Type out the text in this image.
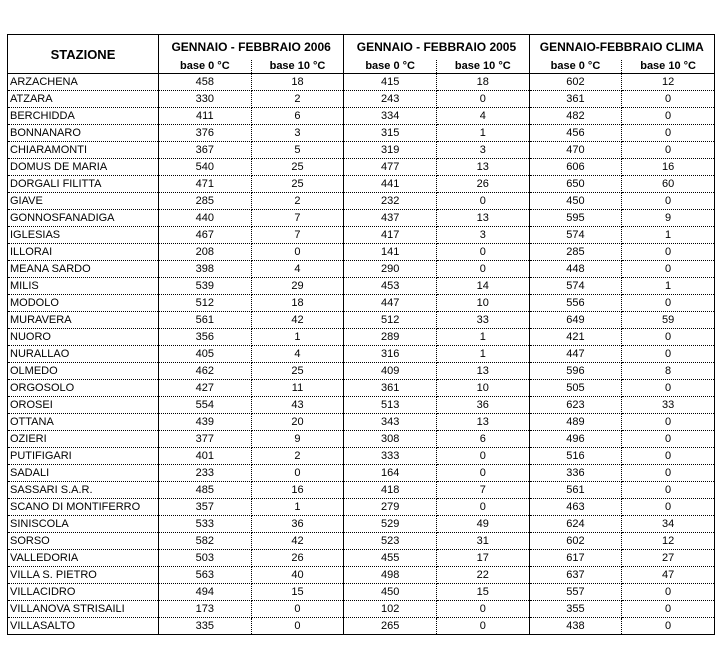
STAZIONE	GENNAIO - FEBBRAIO 2006		GENNAIO - FEBBRAIO 2005		GENNAIO-FEBBRAIO CLIMA	
	base 0 °C	base 10 °C	base 0 °C	base 10 °C	base 0 °C	base 10 °C
ARZACHENA	458	18	415	18	602	12
ATZARA	330	2	243	0	361	0
BERCHIDDA	411	6	334	4	482	0
BONNANARO	376	3	315	1	456	0
CHIARAMONTI	367	5	319	3	470	0
DOMUS DE MARIA	540	25	477	13	606	16
DORGALI FILITTA	471	25	441	26	650	60
GIAVE	285	2	232	0	450	0
GONNOSFANADIGA	440	7	437	13	595	9
IGLESIAS	467	7	417	3	574	1
ILLORAI	208	0	141	0	285	0
MEANA SARDO	398	4	290	0	448	0
MILIS	539	29	453	14	574	1
MODOLO	512	18	447	10	556	0
MURAVERA	561	42	512	33	649	59
NUORO	356	1	289	1	421	0
NURALLAO	405	4	316	1	447	0
OLMEDO	462	25	409	13	596	8
ORGOSOLO	427	11	361	10	505	0
OROSEI	554	43	513	36	623	33
OTTANA	439	20	343	13	489	0
OZIERI	377	9	308	6	496	0
PUTIFIGARI	401	2	333	0	516	0
SADALI	233	0	164	0	336	0
SASSARI S.A.R.	485	16	418	7	561	0
SCANO DI MONTIFERRO	357	1	279	0	463	0
SINISCOLA	533	36	529	49	624	34
SORSO	582	42	523	31	602	12
VALLEDORIA	503	26	455	17	617	27
VILLA S. PIETRO	563	40	498	22	637	47
VILLACIDRO	494	15	450	15	557	0
VILLANOVA STRISAILI	173	0	102	0	355	0
VILLASALTO	335	0	265	0	438	0
